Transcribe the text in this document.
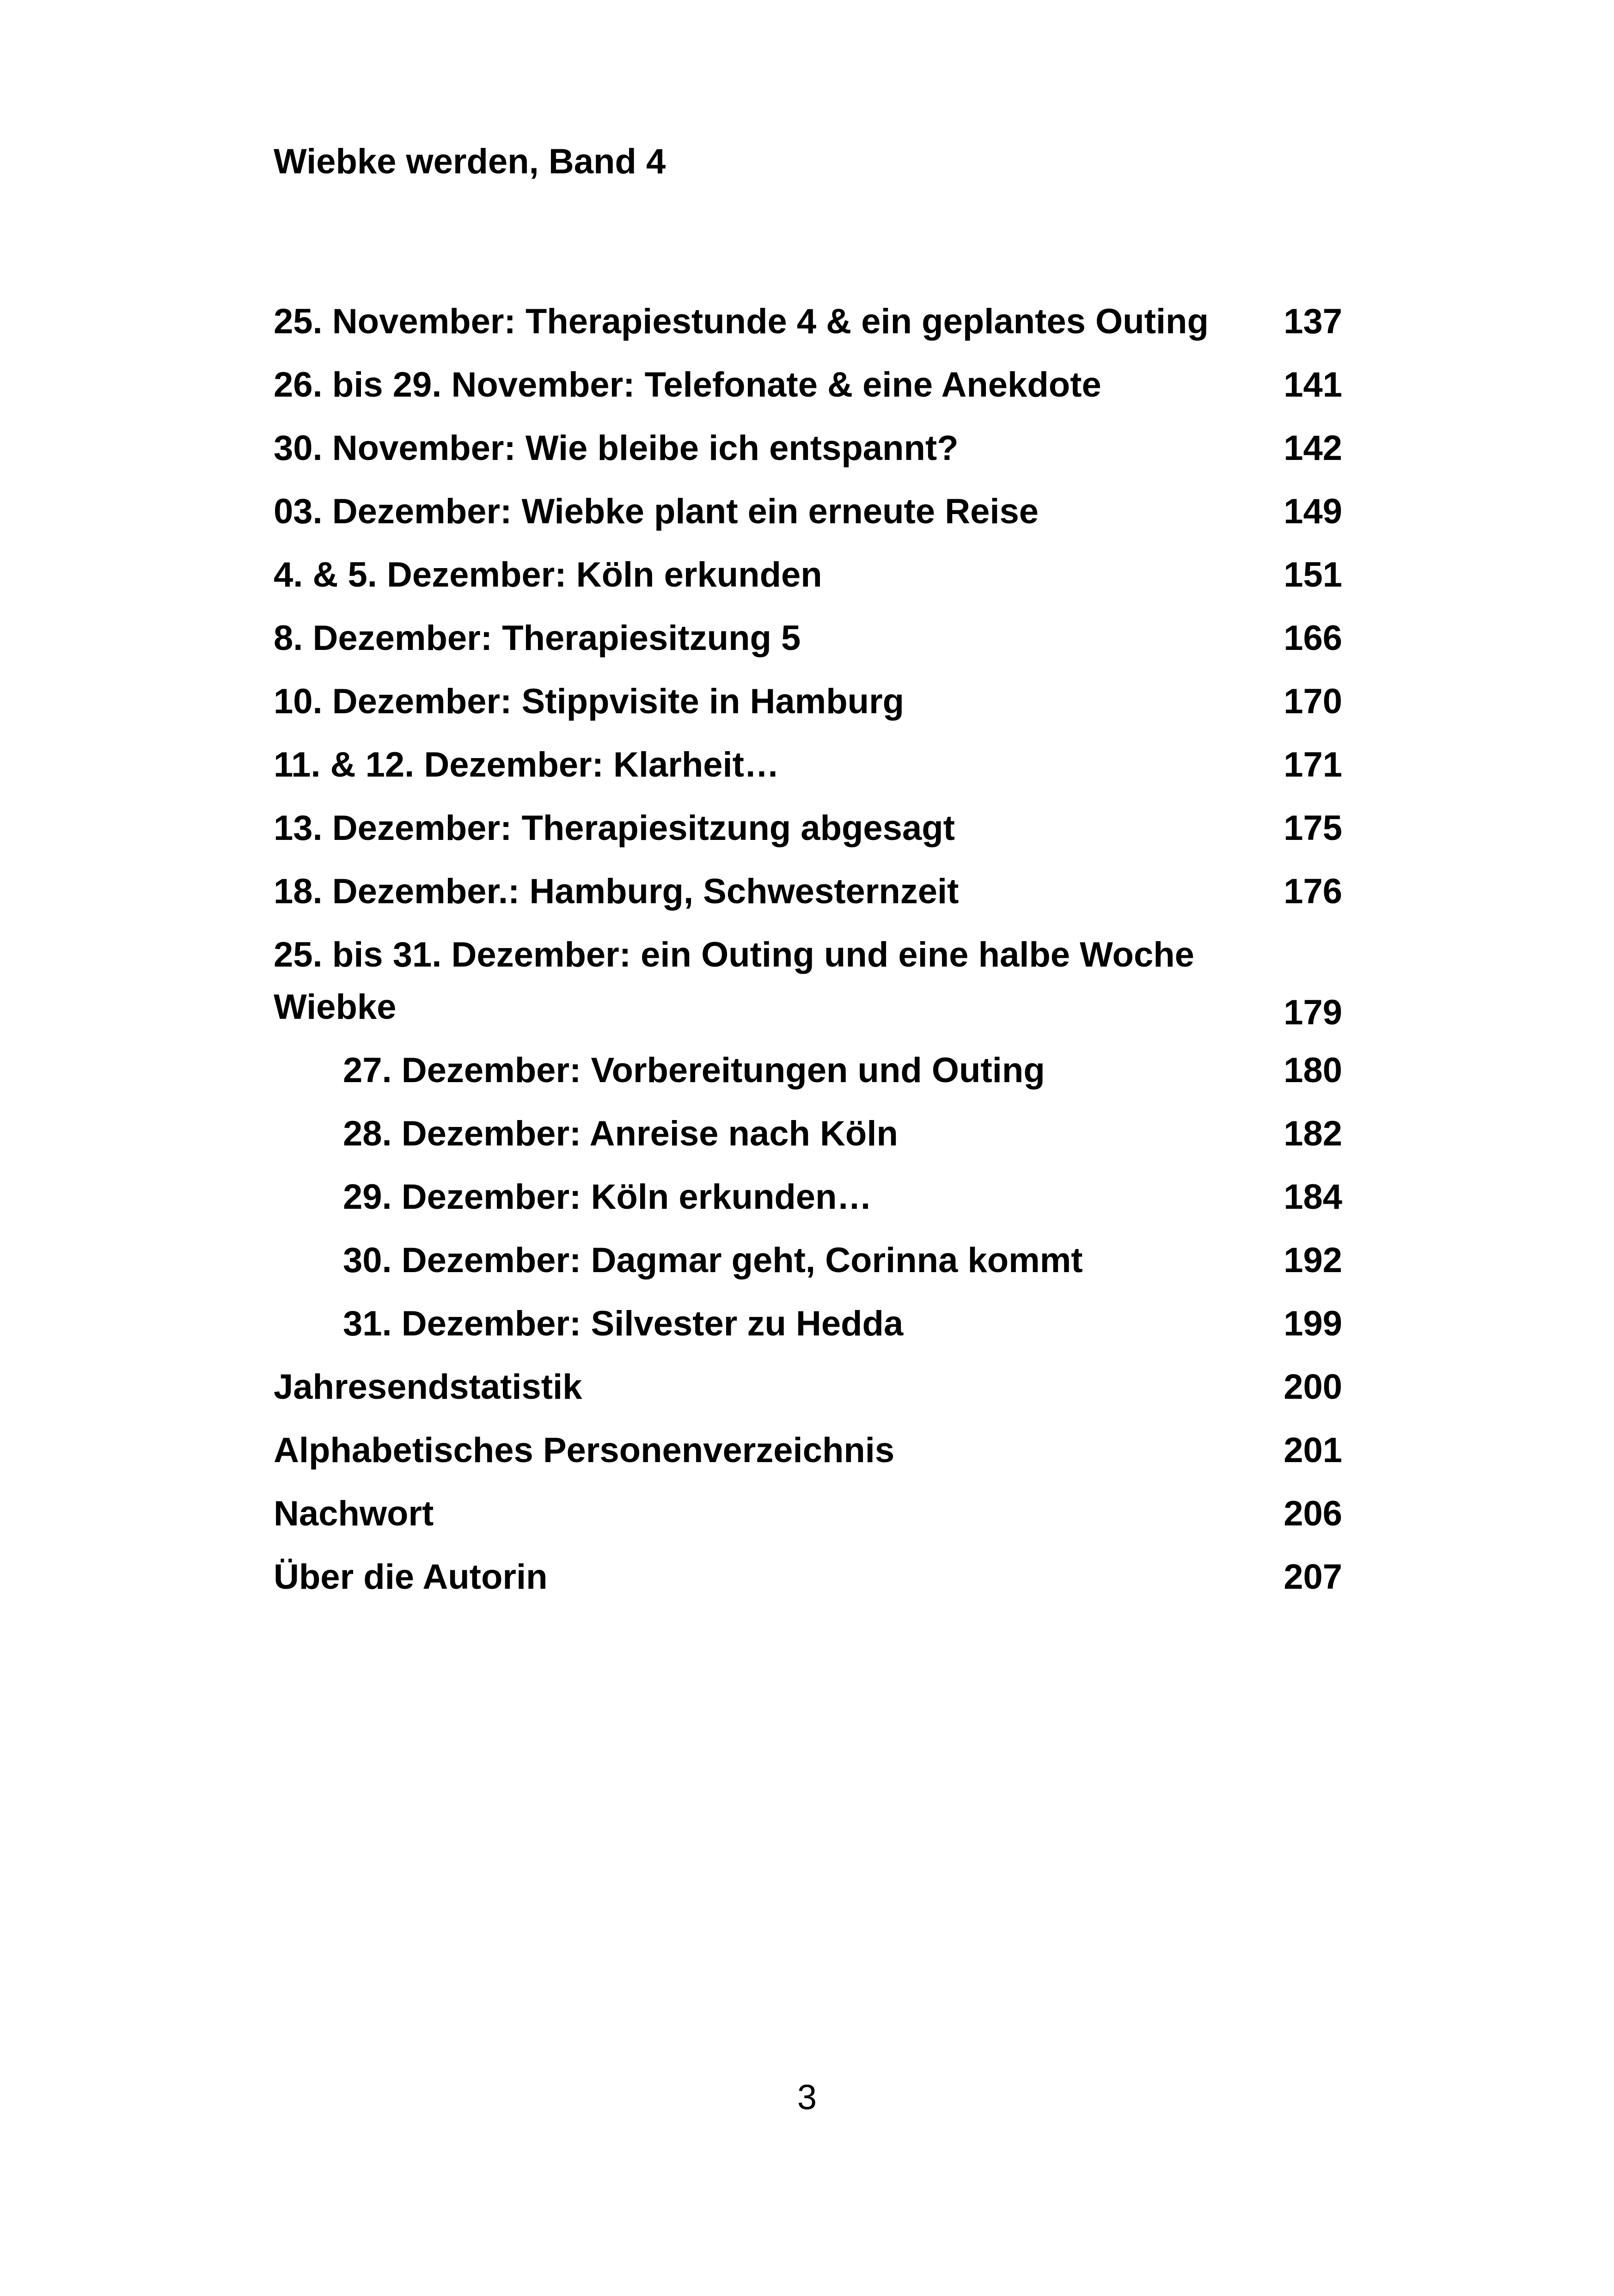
Wiebke werden, Band 4
25. November: Therapiestunde 4 & ein geplantes Outing 137
26. bis 29. November: Telefonate & eine Anekdote	141
30. November: Wie bleibe ich entspannt?	142
03. Dezember: Wiebke plant ein erneute Reise	149
4. & 5. Dezember: Köln erkunden	151
8. Dezember: Therapiesitzung 5	166
10. Dezember: Stippvisite in Hamburg	170
11. & 12. Dezember: Klarheit…	171
13. Dezember: Therapiesitzung abgesagt	175
18. Dezember.: Hamburg, Schwesternzeit	176
25. bis 31. Dezember: ein Outing und eine halbe Woche Wiebke	179
27. Dezember: Vorbereitungen und Outing	180
28. Dezember: Anreise nach Köln	182
29. Dezember: Köln erkunden…	184
30. Dezember: Dagmar geht, Corinna kommt	192
31. Dezember: Silvester zu Hedda	199
Jahresendstatistik	200
Alphabetisches Personenverzeichnis	201
Nachwort	206
Über die Autorin	207
3
